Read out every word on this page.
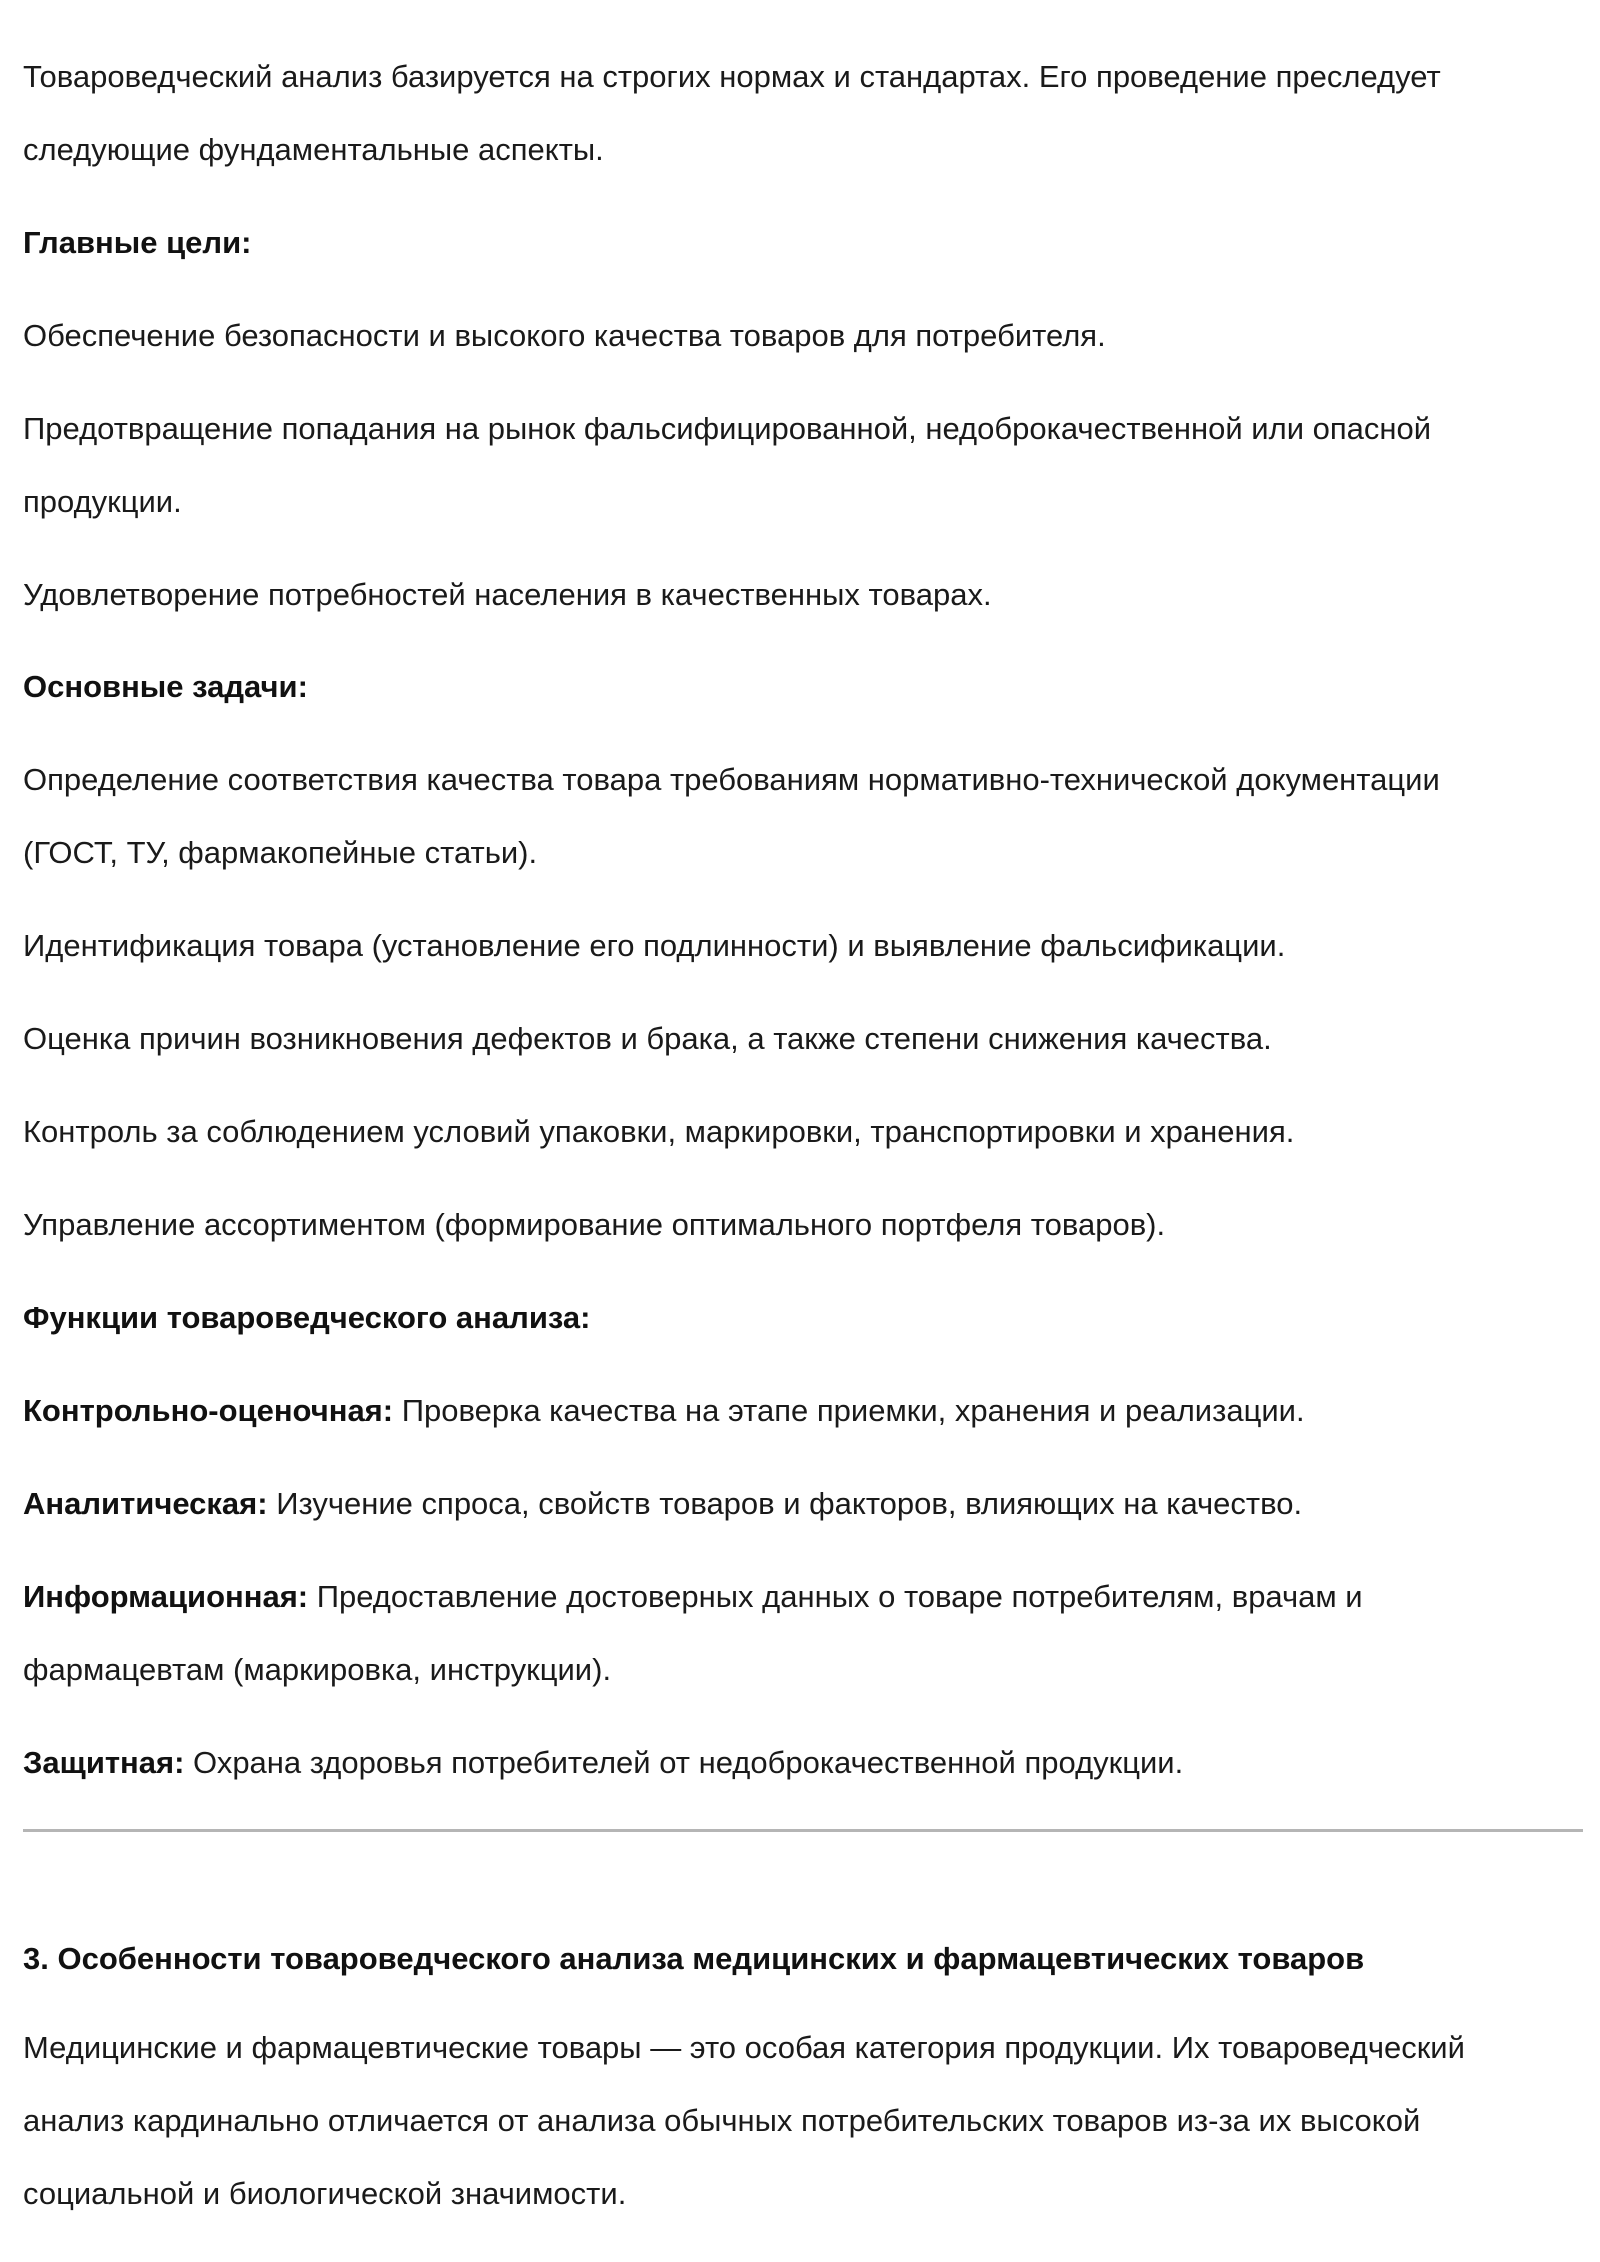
Товароведческий анализ базируется на строгих нормах и стандартах. Его проведение преследует

следующие фундаментальные аспекты.

Главные цели:

Обеспечение безопасности и высокого качества товаров для потребителя.

Предотвращение попадания на рынок фальсифицированной, недоброкачественной или опасной

продукции.

Удовлетворение потребностей населения в качественных товарах.

Основные задачи:

Определение соответствия качества товара требованиям нормативно-технической документации

(ГОСТ, ТУ, фармакопейные статьи).

Идентификация товара (установление его подлинности) и выявление фальсификации.

Оценка причин возникновения дефектов и брака, а также степени снижения качества.

Контроль за соблюдением условий упаковки, маркировки, транспортировки и хранения.

Управление ассортиментом (формирование оптимального портфеля товаров).

Функции товароведческого анализа:

Контрольно-оценочная: Проверка качества на этапе приемки, хранения и реализации.

Аналитическая: Изучение спроса, свойств товаров и факторов, влияющих на качество.

Информационная: Предоставление достоверных данных о товаре потребителям, врачам и

фармацевтам (маркировка, инструкции).

Защитная: Охрана здоровья потребителей от недоброкачественной продукции.

3. Особенности товароведческого анализа медицинских и фармацевтических товаров

Медицинские и фармацевтические товары — это особая категория продукции. Их товароведческий

анализ кардинально отличается от анализа обычных потребительских товаров из-за их высокой

социальной и биологической значимости.
